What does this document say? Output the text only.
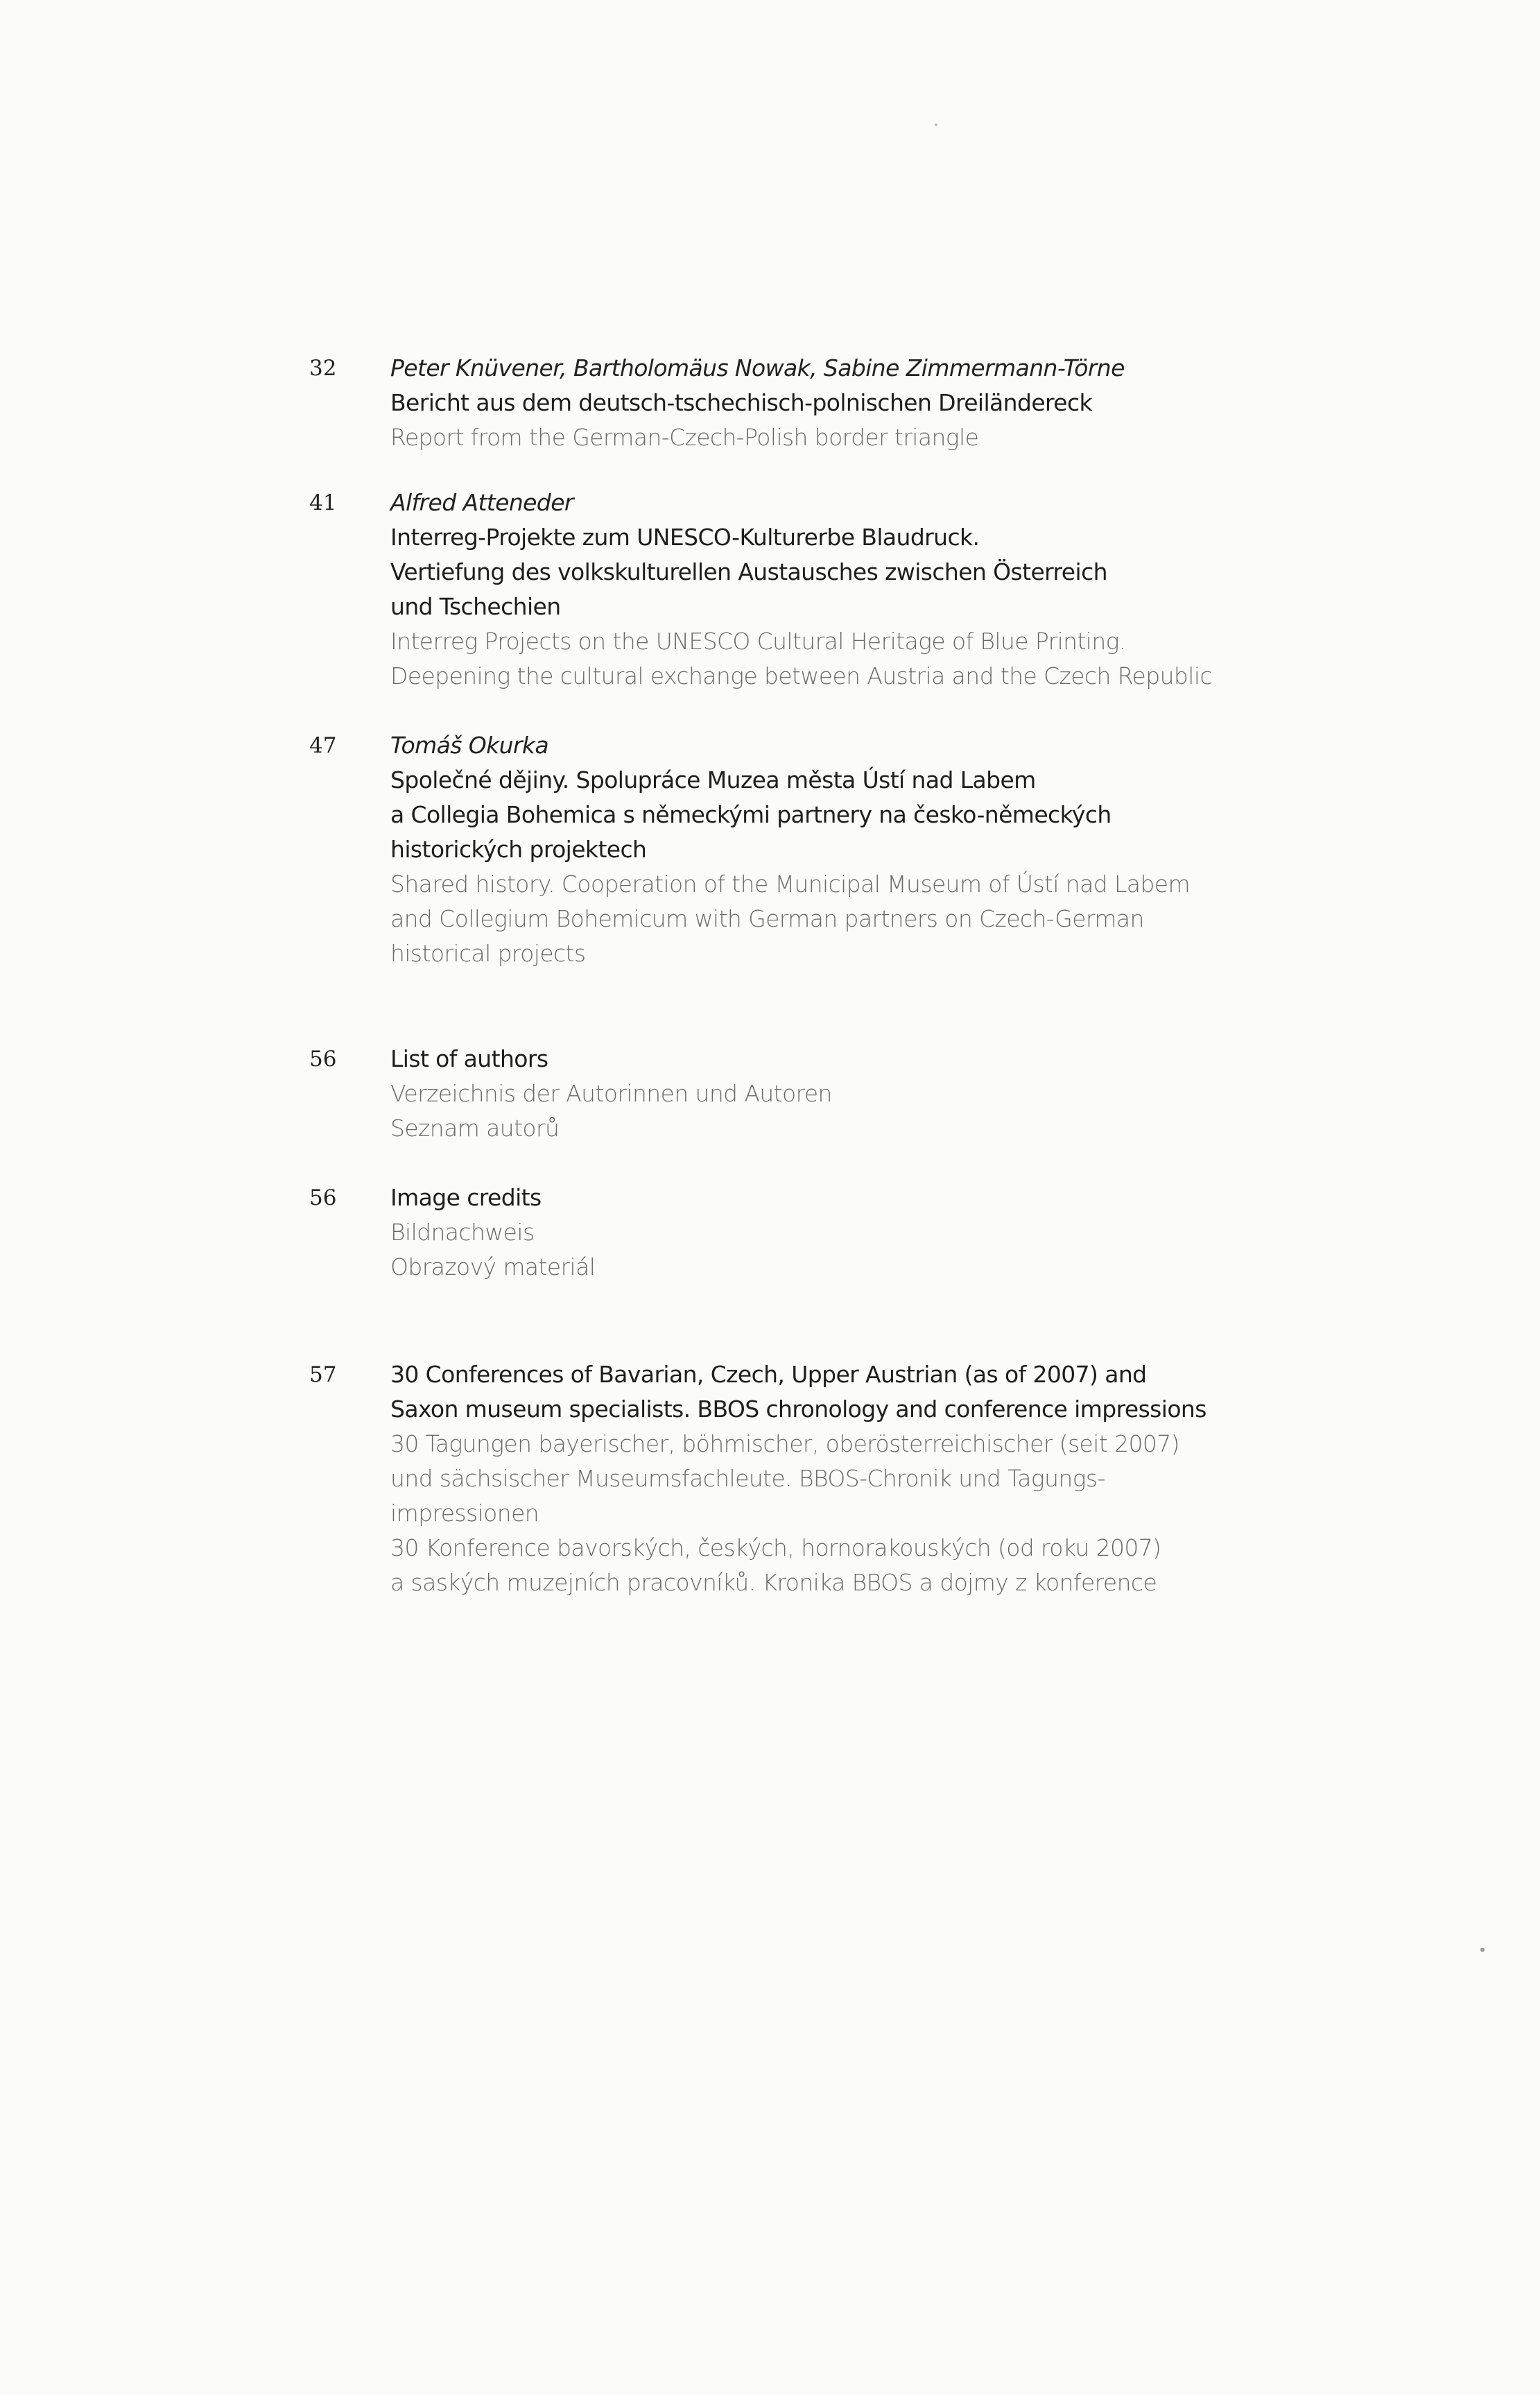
32 Peter Knüvener, Bartholomäus Nowak, Sabine Zimmermann-Törne
Bericht aus dem deutsch-tschechisch-polnischen Dreiländereck
Report from the German-Czech-Polish border triangle
41 Alfred Atteneder
Interreg-Projekte zum UNESCO-Kulturerbe Blaudruck.
Vertiefung des volkskulturellen Austausches zwischen Österreich
und Tschechien
Interreg Projects on the UNESCO Cultural Heritage of Blue Printing.
Deepening the cultural exchange between Austria and the Czech Republic
47 Tomáš Okurka
Společné dějiny. Spolupráce Muzea města Ústí nad Labem
a Collegia Bohemica s německými partnery na česko-německých
historických projektech
Shared history. Cooperation of the Municipal Museum of Ústí nad Labem
and Collegium Bohemicum with German partners on Czech-German
historical projects
56 List of authors
Verzeichnis der Autorinnen und Autoren
Seznam autorů
56 Image credits
Bildnachweis
Obrazový materiál
57 30 Conferences of Bavarian, Czech, Upper Austrian (as of 2007) and
Saxon museum specialists. BBOS chronology and conference impressions
30 Tagungen bayerischer, böhmischer, oberösterreichischer (seit 2007)
und sächsischer Museumsfachleute. BBOS-Chronik und Tagungs-
impressionen
30 Konference bavorských, českých, hornorakouských (od roku 2007)
a saských muzejních pracovníků. Kronika BBOS a dojmy z konference
